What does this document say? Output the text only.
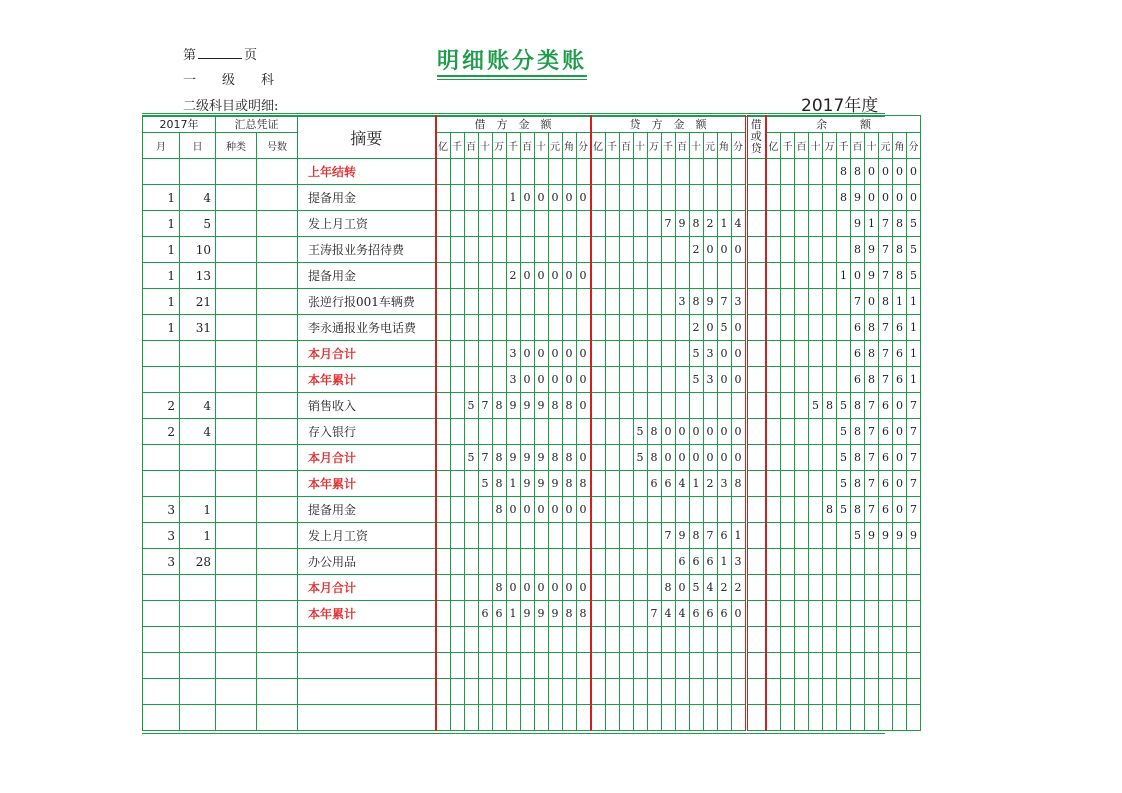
第	页
一　　级　　科
二级科目或明细:
明细账分类账
2017年度
2017年		汇总凭证		摘要	借　方　金　额											贷　方　金　额											借或贷	余　　　额										
月	日	种类	号数		亿	千	百	十	万	千	百	十	元	角	分	亿	千	百	十	万	千	百	十	元	角	分		亿	千	百	十	万	千	百	十	元	角	分
				上年结转																													8	8	0	0	0	0
1	4			提备用金						1	0	0	0	0	0																		8	9	0	0	0	0
1	5			发上月工资																	7	9	8	2	1	4								9	1	7	8	5
1	10			王涛报业务招待费																			2	0	0	0								8	9	7	8	5
1	13			提备用金						2	0	0	0	0	0																		1	0	9	7	8	5
1	21			张逆行报001车辆费																		3	8	9	7	3								7	0	8	1	1
1	31			李永通报业务电话费																			2	0	5	0								6	8	7	6	1
				本月合计						3	0	0	0	0	0								5	3	0	0								6	8	7	6	1
				本年累计						3	0	0	0	0	0								5	3	0	0								6	8	7	6	1
2	4			销售收入			5	7	8	9	9	9	8	8	0																5	8	5	8	7	6	0	7
2	4			存入银行															5	8	0	0	0	0	0	0							5	8	7	6	0	7
				本月合计			5	7	8	9	9	9	8	8	0				5	8	0	0	0	0	0	0							5	8	7	6	0	7
				本年累计				5	8	1	9	9	9	8	8					6	6	4	1	2	3	8							5	8	7	6	0	7
3	1			提备用金					8	0	0	0	0	0	0																	8	5	8	7	6	0	7
3	1			发上月工资																	7	9	8	7	6	1								5	9	9	9	9
3	28			办公用品																		6	6	6	1	3												
				本月合计					8	0	0	0	0	0	0						8	0	5	4	2	2												
				本年累计				6	6	1	9	9	9	8	8					7	4	4	6	6	6	0												
